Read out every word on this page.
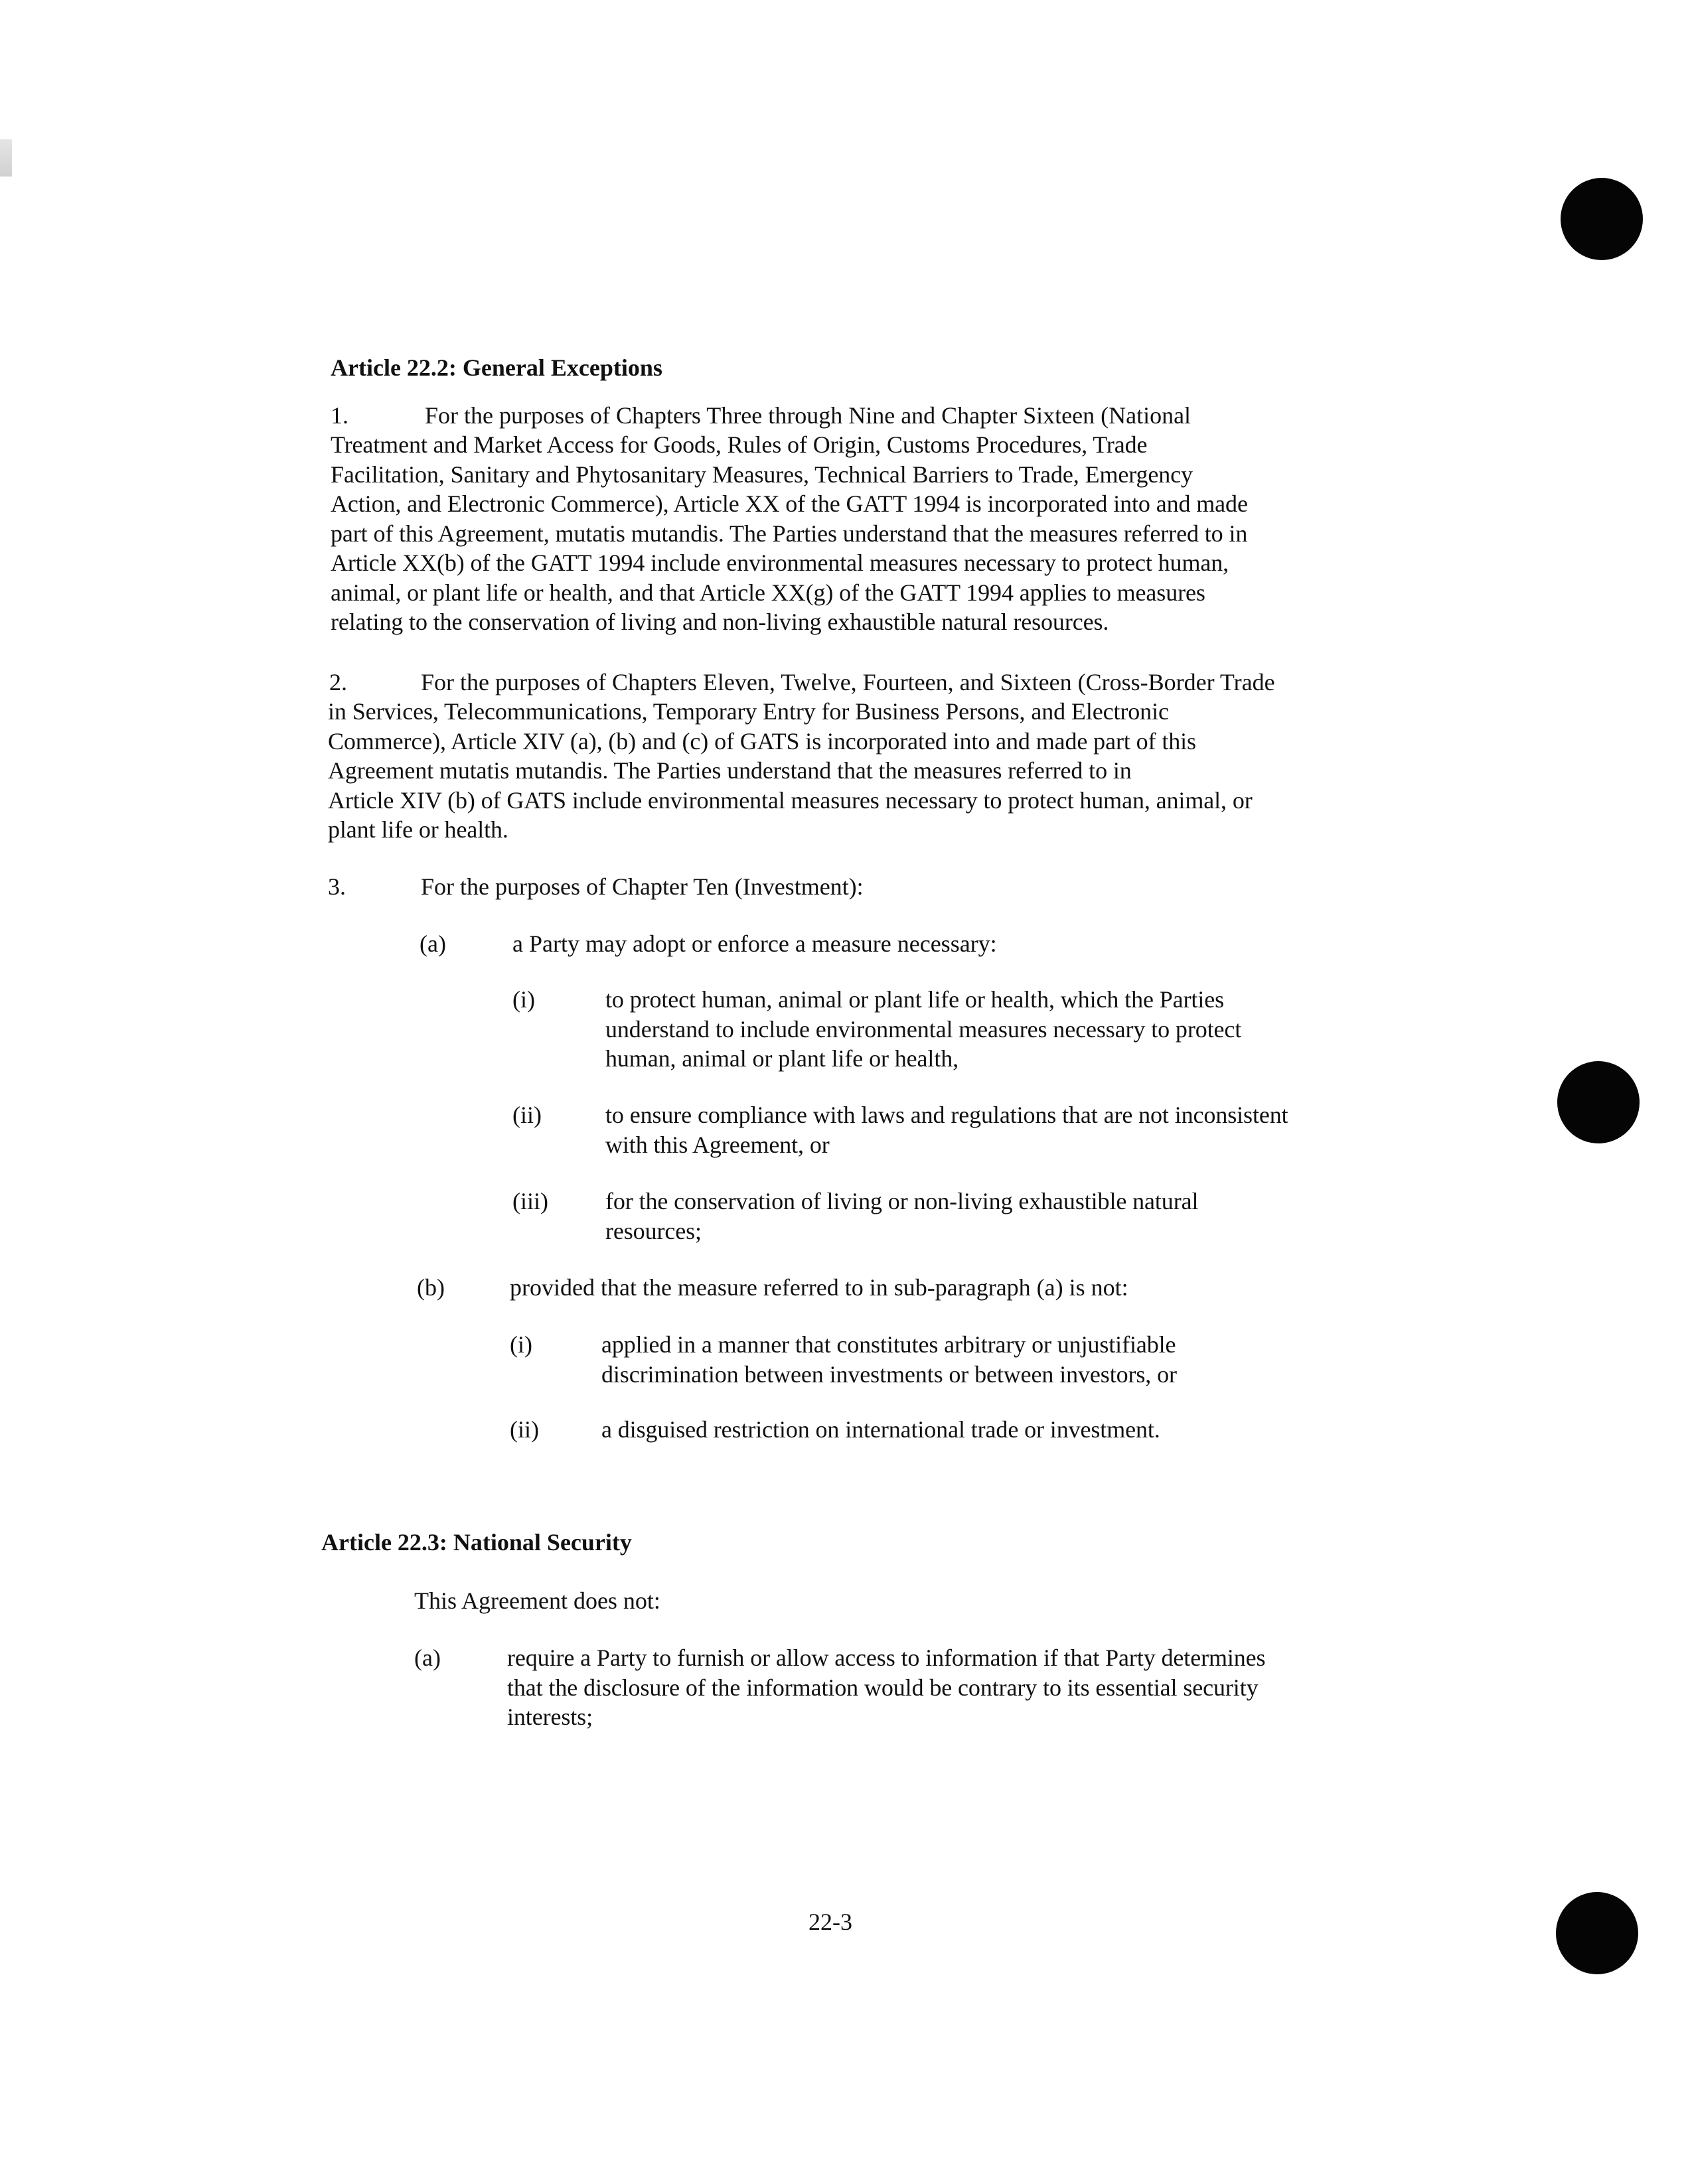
Article 22.2: General Exceptions
1.	For the purposes of Chapters Three through Nine and Chapter Sixteen (National
Treatment and Market Access for Goods, Rules of Origin, Customs Procedures, Trade
Facilitation, Sanitary and Phytosanitary Measures, Technical Barriers to Trade, Emergency
Action, and Electronic Commerce), Article XX of the GATT 1994 is incorporated into and made
part of this Agreement, mutatis mutandis. The Parties understand that the measures referred to in
Article XX(b) of the GATT 1994 include environmental measures necessary to protect human,
animal, or plant life or health, and that Article XX(g) of the GATT 1994 applies to measures
relating to the conservation of living and non-living exhaustible natural resources.
2.	For the purposes of Chapters Eleven, Twelve, Fourteen, and Sixteen (Cross-Border Trade
in Services, Telecommunications, Temporary Entry for Business Persons, and Electronic
Commerce), Article XIV (a), (b) and (c) of GATS is incorporated into and made part of this
Agreement mutatis mutandis. The Parties understand that the measures referred to in
Article XIV (b) of GATS include environmental measures necessary to protect human, animal, or
plant life or health.
3.	For the purposes of Chapter Ten (Investment):
(a)	a Party may adopt or enforce a measure necessary:
(i)	to protect human, animal or plant life or health, which the Parties
understand to include environmental measures necessary to protect
human, animal or plant life or health,
(ii)	to ensure compliance with laws and regulations that are not inconsistent
with this Agreement, or
(iii) for the conservation of living or non-living exhaustible natural
resources;
(b)	provided that the measure referred to in sub-paragraph (a) is not:
(i)	applied in a manner that constitutes arbitrary or unjustifiable
discrimination between investments or between investors, or
(ii)	a disguised restriction on international trade or investment.
Article 22.3: National Security
This Agreement does not:
(a)	require a Party to furnish or allow access to information if that Party determines
that the disclosure of the information would be contrary to its essential security
interests;
22-3
